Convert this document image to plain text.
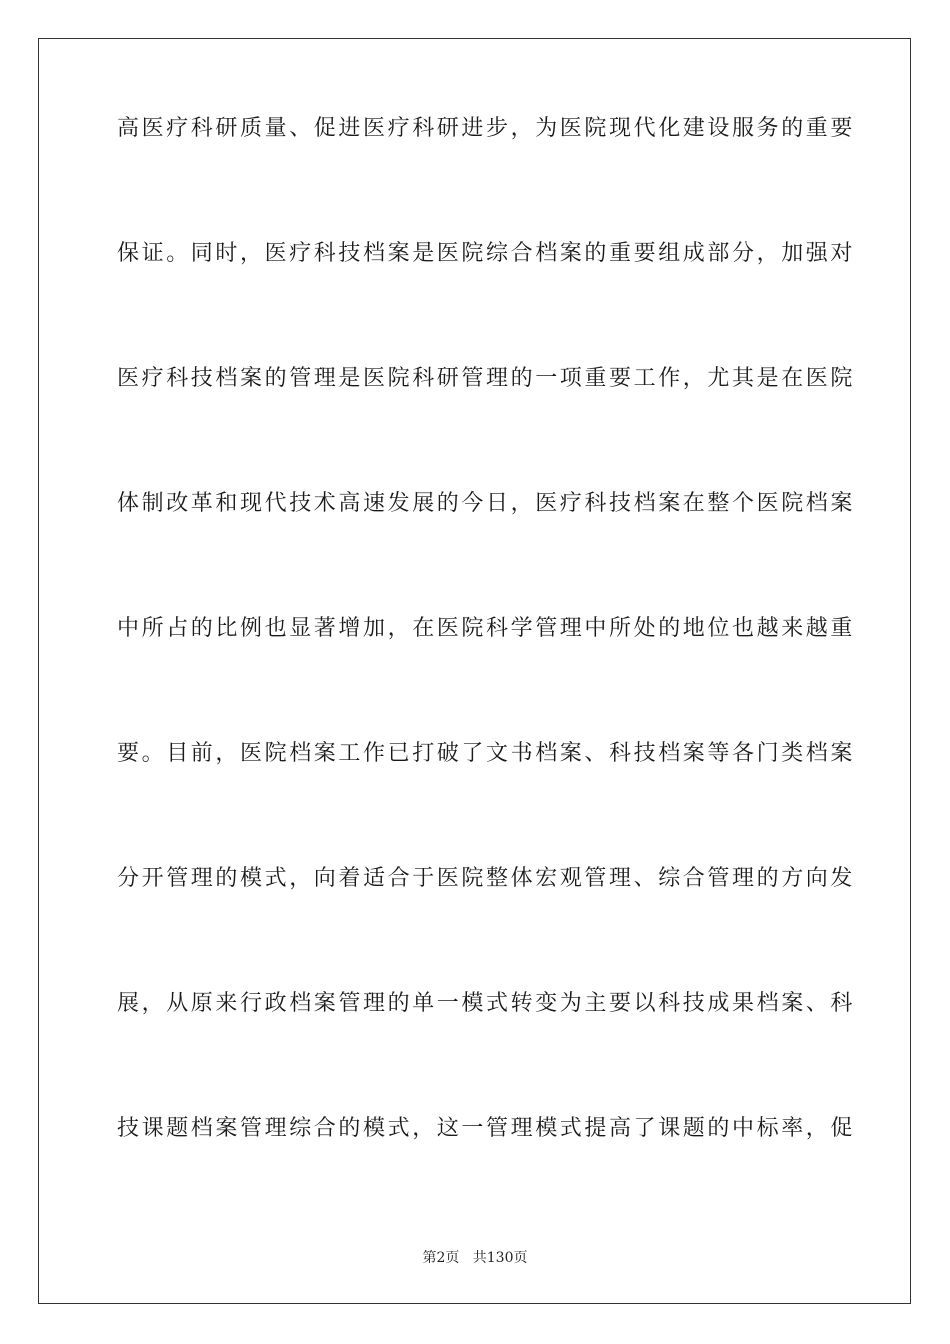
高医疗科研质量、促进医疗科研进步，为医院现代化建设服务的重要

保证。同时，医疗科技档案是医院综合档案的重要组成部分，加强对

医疗科技档案的管理是医院科研管理的一项重要工作，尤其是在医院

体制改革和现代技术高速发展的今日，医疗科技档案在整个医院档案

中所占的比例也显著增加，在医院科学管理中所处的地位也越来越重

要。目前，医院档案工作已打破了文书档案、科技档案等各门类档案

分开管理的模式，向着适合于医院整体宏观管理、综合管理的方向发

展，从原来行政档案管理的单一模式转变为主要以科技成果档案、科

技课题档案管理综合的模式，这一管理模式提高了课题的中标率，促

第2页   共130页
